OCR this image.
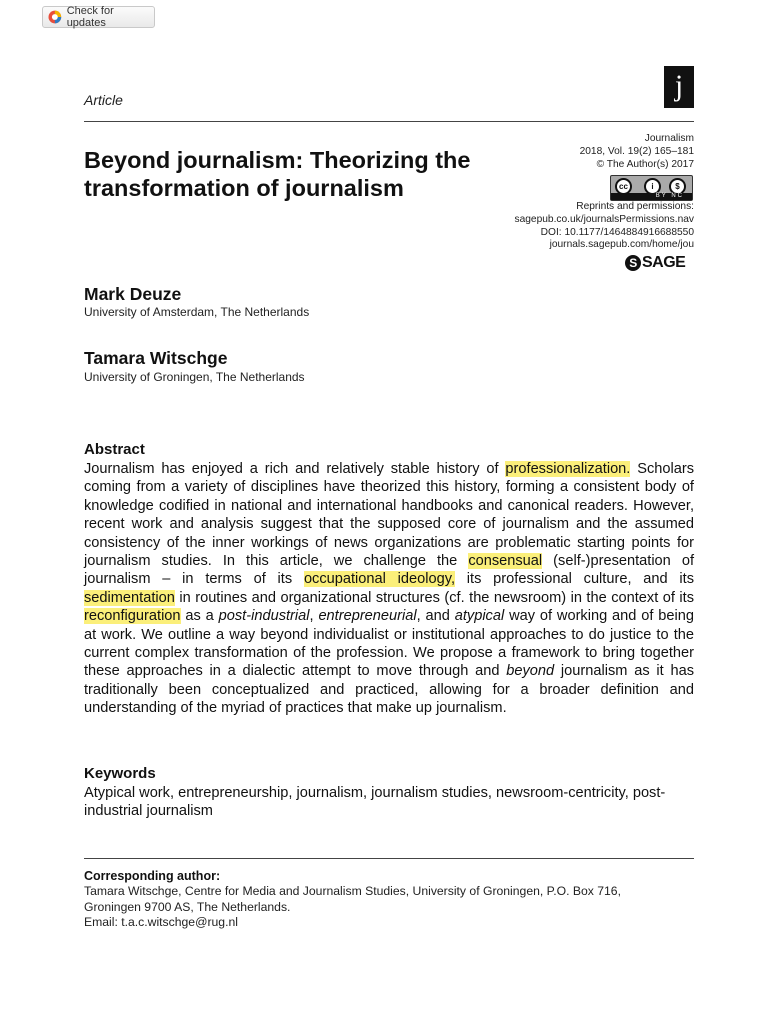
Check for updates
Article	j
Beyond journalism: Theorizing the transformation of journalism
Journalism
2018, Vol. 19(2) 165–181
© The Author(s) 2017
cc	i	$
BY NC
Reprints and permissions:
sagepub.co.uk/journalsPermissions.nav
DOI: 10.1177/1464884916688550
journals.sagepub.com/home/jou
S SAGE
Mark Deuze
University of Amsterdam, The Netherlands
Tamara Witschge
University of Groningen, The Netherlands
Abstract

Journalism has enjoyed a rich and relatively stable history of professionalization. Scholars coming from a variety of disciplines have theorized this history, forming a consistent body of knowledge codified in national and international handbooks and canonical readers. However, recent work and analysis suggest that the supposed core of journalism and the assumed consistency of the inner workings of news organizations are problematic starting points for journalism studies. In this article, we challenge the consensual (self-)presentation of journalism – in terms of its occupational ideology, its professional culture, and its sedimentation in routines and organizational structures (cf. the newsroom) in the context of its reconfiguration as a post-industrial, entrepreneurial, and atypical way of working and of being at work. We outline a way beyond individualist or institutional approaches to do justice to the current complex transformation of the profession. We propose a framework to bring together these approaches in a dialectic attempt to move through and beyond journalism as it has traditionally been conceptualized and practiced, allowing for a broader definition and understanding of the myriad of practices that make up journalism.

Keywords

Atypical work, entrepreneurship, journalism, journalism studies, newsroom-centricity, post-industrial journalism

Corresponding author:
Tamara Witschge, Centre for Media and Journalism Studies, University of Groningen, P.O. Box 716,
Groningen 9700 AS, The Netherlands.
Email: t.a.c.witschge@rug.nl
